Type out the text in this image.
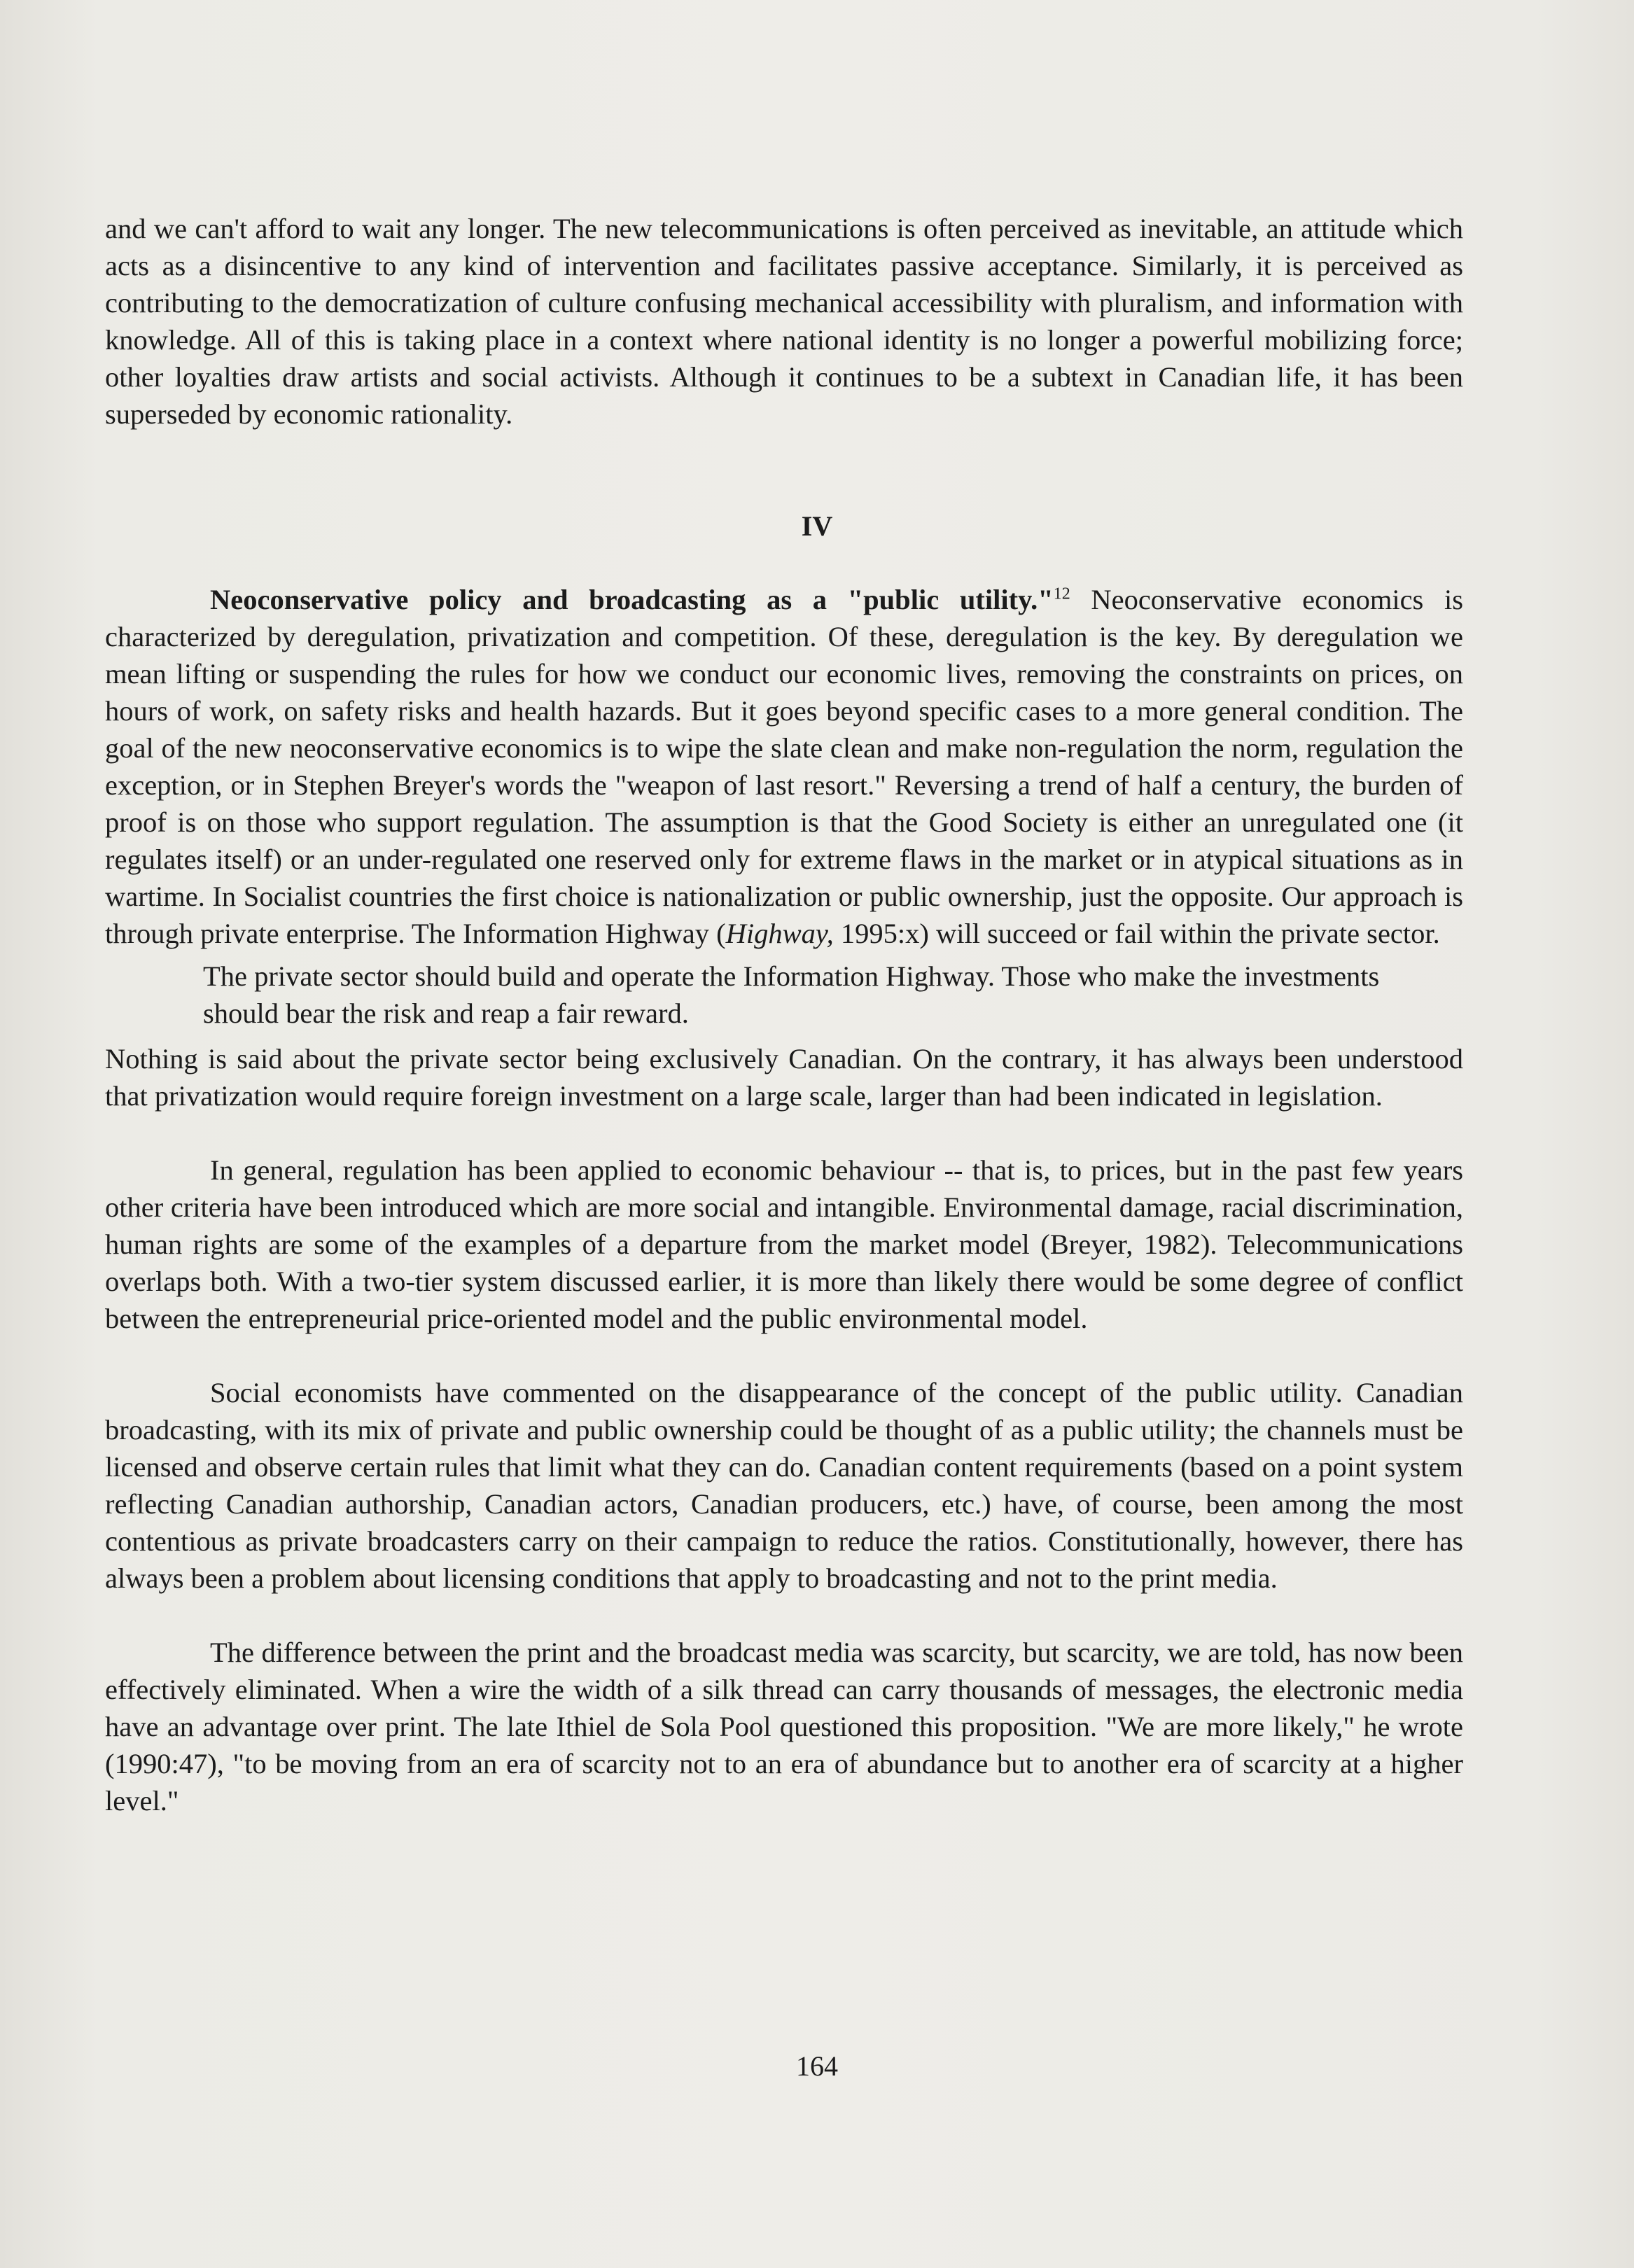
and we can't afford to wait any longer. The new telecommunications is often perceived as inevitable, an attitude which acts as a disincentive to any kind of intervention and facilitates passive acceptance. Similarly, it is perceived as contributing to the democratization of culture confusing mechanical accessibility with pluralism, and information with knowledge. All of this is taking place in a context where national identity is no longer a powerful mobilizing force; other loyalties draw artists and social activists. Although it continues to be a subtext in Canadian life, it has been superseded by economic rationality.

IV

Neoconservative policy and broadcasting as a "public utility."$^{12}$ Neoconservative economics is characterized by deregulation, privatization and competition. Of these, deregulation is the key. By deregulation we mean lifting or suspending the rules for how we conduct our economic lives, removing the constraints on prices, on hours of work, on safety risks and health hazards. But it goes beyond specific cases to a more general condition. The goal of the new neoconservative economics is to wipe the slate clean and make non-regulation the norm, regulation the exception, or in Stephen Breyer's words the "weapon of last resort." Reversing a trend of half a century, the burden of proof is on those who support regulation. The assumption is that the Good Society is either an unregulated one (it regulates itself) or an under-regulated one reserved only for extreme flaws in the market or in atypical situations as in wartime. In Socialist countries the first choice is nationalization or public ownership, just the opposite. Our approach is through private enterprise. The Information Highway (Highway, 1995:x) will succeed or fail within the private sector.

The private sector should build and operate the Information Highway. Those who make the investments should bear the risk and reap a fair reward.

Nothing is said about the private sector being exclusively Canadian. On the contrary, it has always been understood that privatization would require foreign investment on a large scale, larger than had been indicated in legislation.

In general, regulation has been applied to economic behaviour -- that is, to prices, but in the past few years other criteria have been introduced which are more social and intangible. Environmental damage, racial discrimination, human rights are some of the examples of a departure from the market model (Breyer, 1982). Telecommunications overlaps both. With a two-tier system discussed earlier, it is more than likely there would be some degree of conflict between the entrepreneurial price-oriented model and the public environmental model.

Social economists have commented on the disappearance of the concept of the public utility. Canadian broadcasting, with its mix of private and public ownership could be thought of as a public utility; the channels must be licensed and observe certain rules that limit what they can do. Canadian content requirements (based on a point system reflecting Canadian authorship, Canadian actors, Canadian producers, etc.) have, of course, been among the most contentious as private broadcasters carry on their campaign to reduce the ratios. Constitutionally, however, there has always been a problem about licensing conditions that apply to broadcasting and not to the print media.

The difference between the print and the broadcast media was scarcity, but scarcity, we are told, has now been effectively eliminated. When a wire the width of a silk thread can carry thousands of messages, the electronic media have an advantage over print. The late Ithiel de Sola Pool questioned this proposition. "We are more likely," he wrote (1990:47), "to be moving from an era of scarcity not to an era of abundance but to another era of scarcity at a higher level."

164
